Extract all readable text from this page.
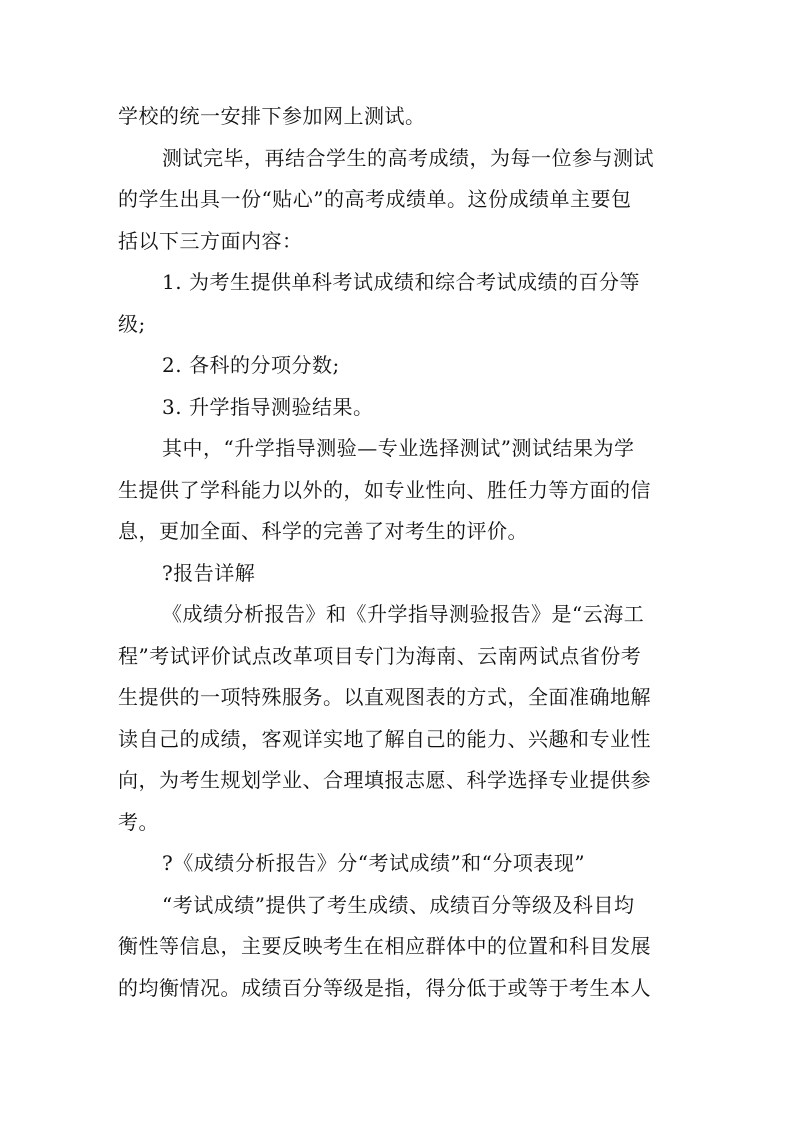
学校的统一安排下参加网上测试。
测试完毕，再结合学生的高考成绩，为每一位参与测试
的学生出具一份“贴心”的高考成绩单。这份成绩单主要包
括以下三方面内容：
1. 为考生提供单科考试成绩和综合考试成绩的百分等
级;
2. 各科的分项分数;
3. 升学指导测验结果。
其中，“升学指导测验—专业选择测试”测试结果为学
生提供了学科能力以外的，如专业性向、胜任力等方面的信
息，更加全面、科学的完善了对考生的评价。
?报告详解
《成绩分析报告》和《升学指导测验报告》是“云海工
程”考试评价试点改革项目专门为海南、云南两试点省份考
生提供的一项特殊服务。以直观图表的方式，全面准确地解
读自己的成绩，客观详实地了解自己的能力、兴趣和专业性
向，为考生规划学业、合理填报志愿、科学选择专业提供参
考。
?《成绩分析报告》分“考试成绩”和“分项表现”
“考试成绩”提供了考生成绩、成绩百分等级及科目均
衡性等信息，主要反映考生在相应群体中的位置和科目发展
的均衡情况。成绩百分等级是指，得分低于或等于考生本人
